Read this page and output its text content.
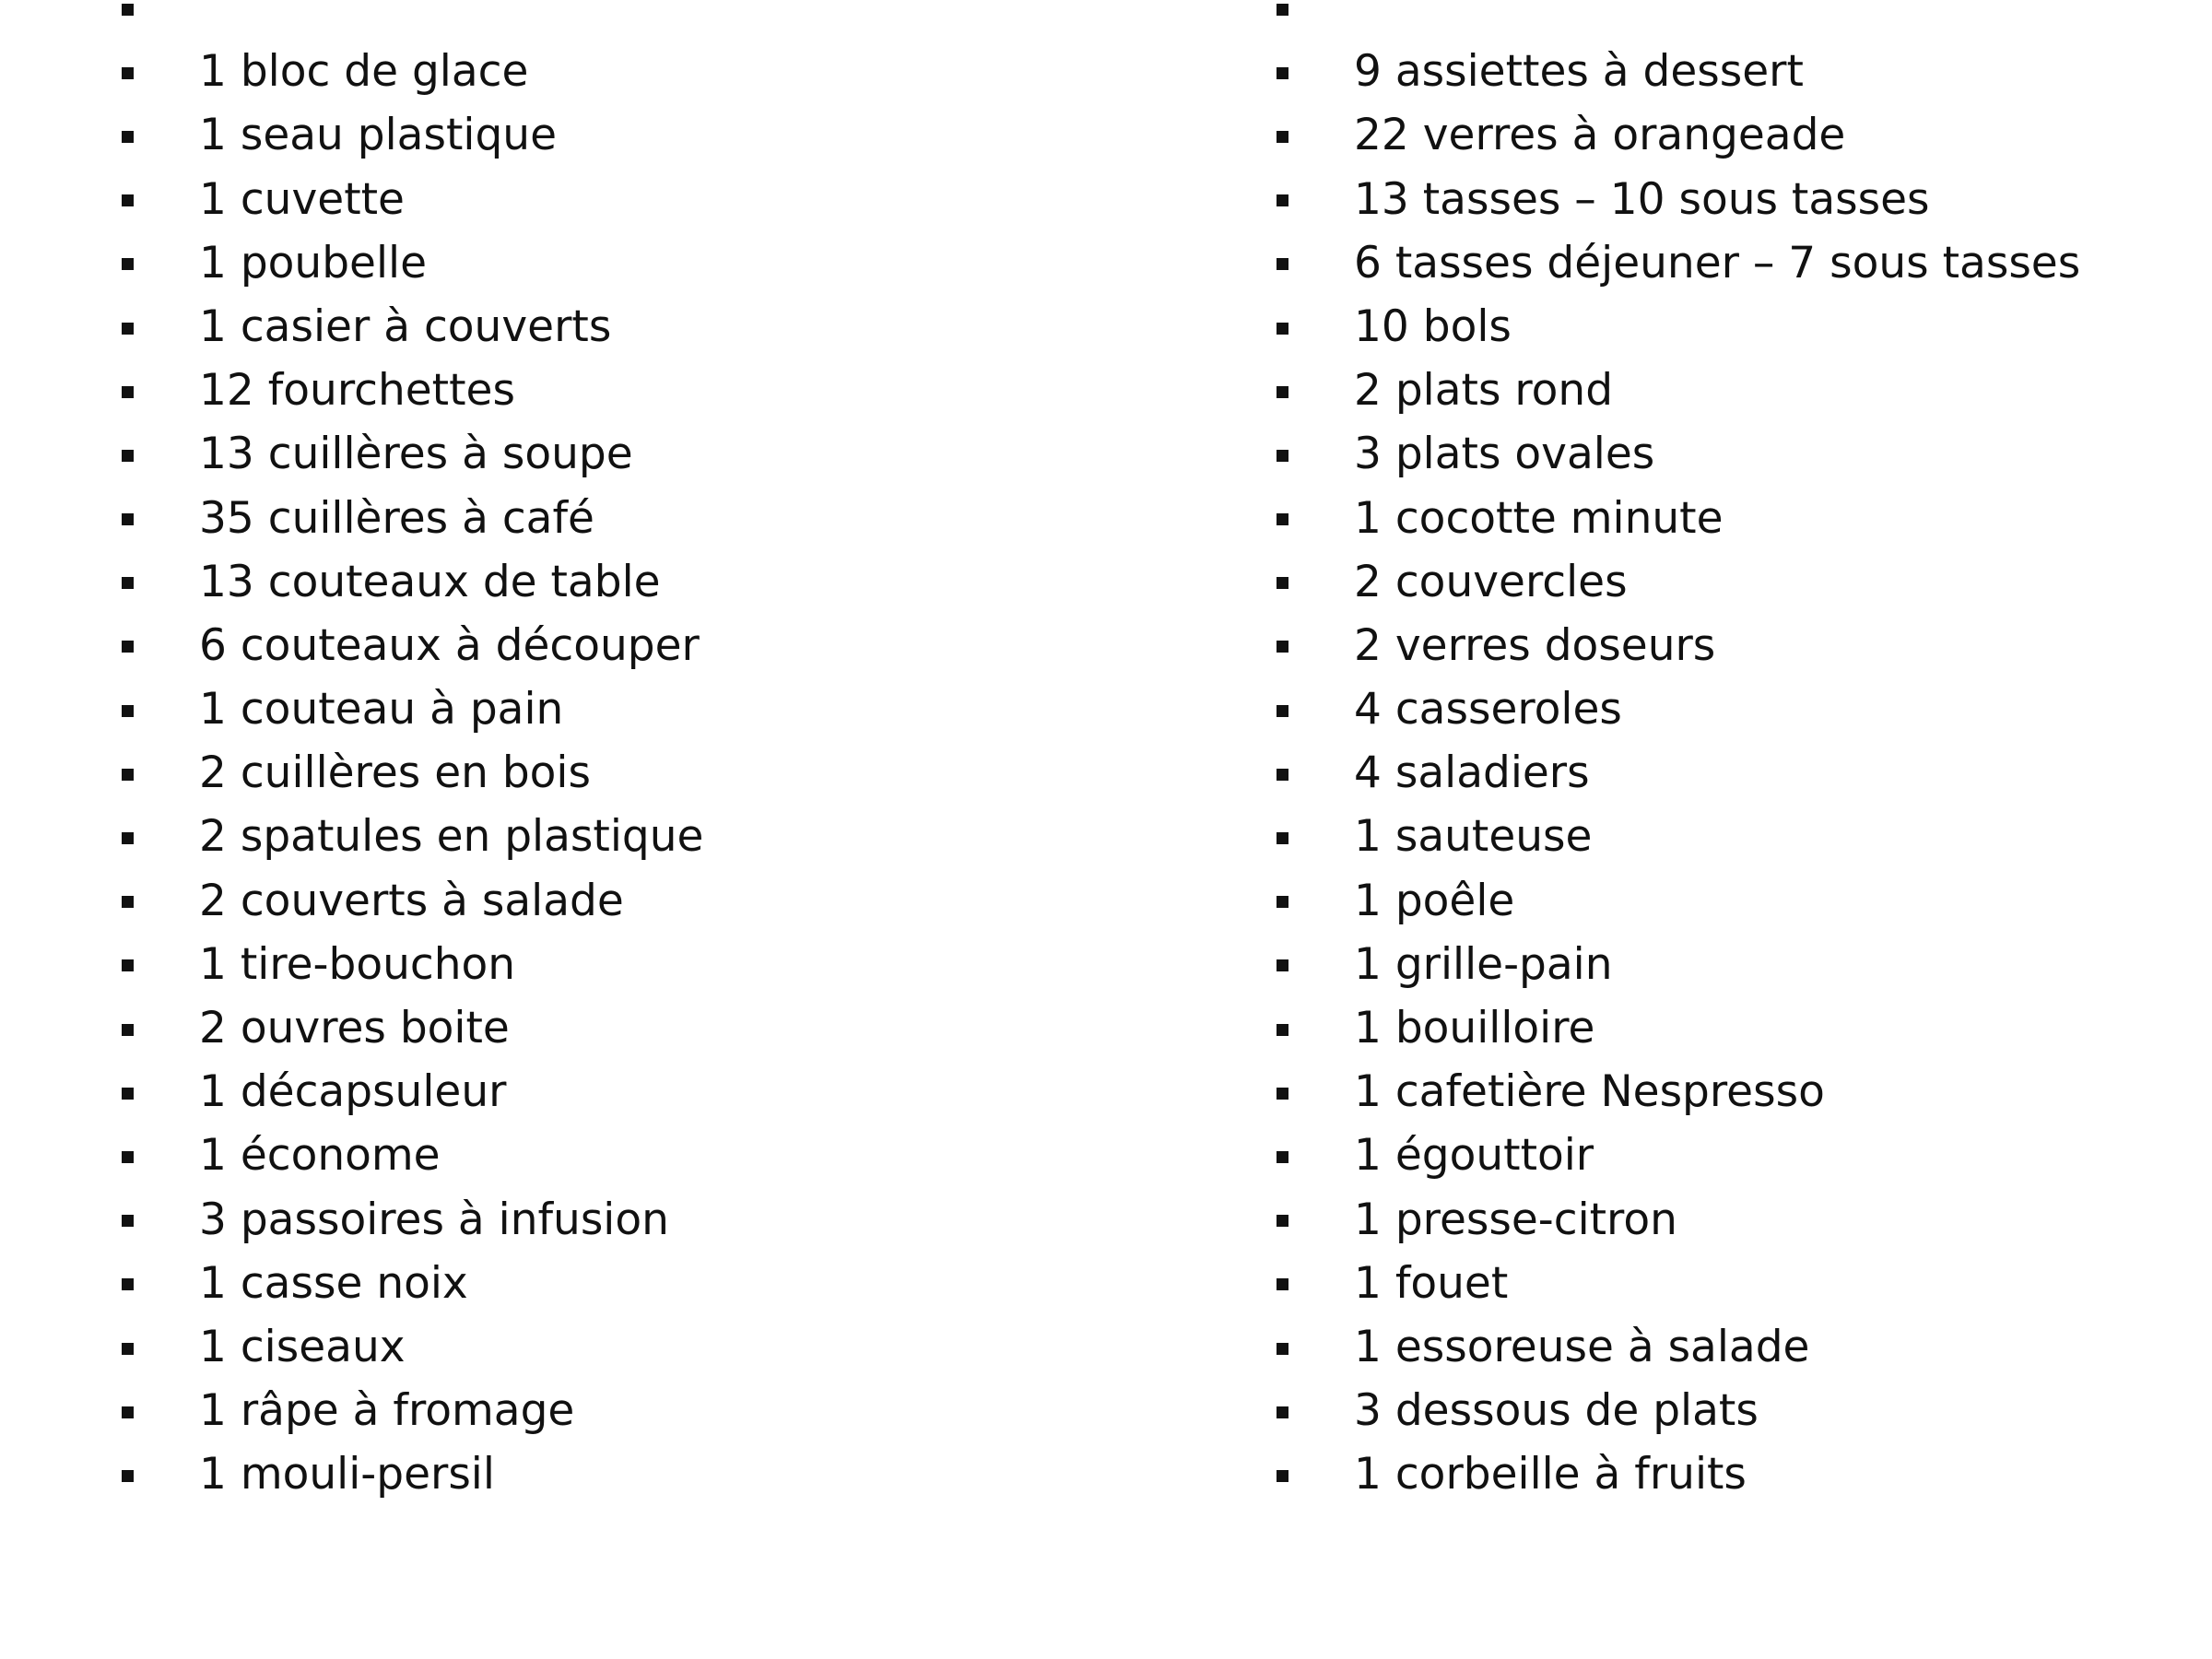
1 bloc de glace
1 seau plastique
1 cuvette
1 poubelle
1 casier à couverts
12 fourchettes
13 cuillères à soupe
35 cuillères à café
13 couteaux de table
6 couteaux à découper
1 couteau à pain
2 cuillères en bois
2 spatules en plastique
2 couverts à salade
1 tire-bouchon
2 ouvres boite
1 décapsuleur
1 économe
3 passoires à infusion
1 casse noix
1 ciseaux
1 râpe à fromage
1 mouli-persil
9 assiettes à dessert
22 verres à orangeade
13 tasses – 10 sous tasses
6 tasses déjeuner – 7 sous tasses
10 bols
2 plats rond
3 plats ovales
1 cocotte minute
2 couvercles
2 verres doseurs
4 casseroles
4 saladiers
1 sauteuse
1 poêle
1 grille-pain
1 bouilloire
1 cafetière Nespresso
1 égouttoir
1 presse-citron
1 fouet
1 essoreuse à salade
3 dessous de plats
1 corbeille à fruits
